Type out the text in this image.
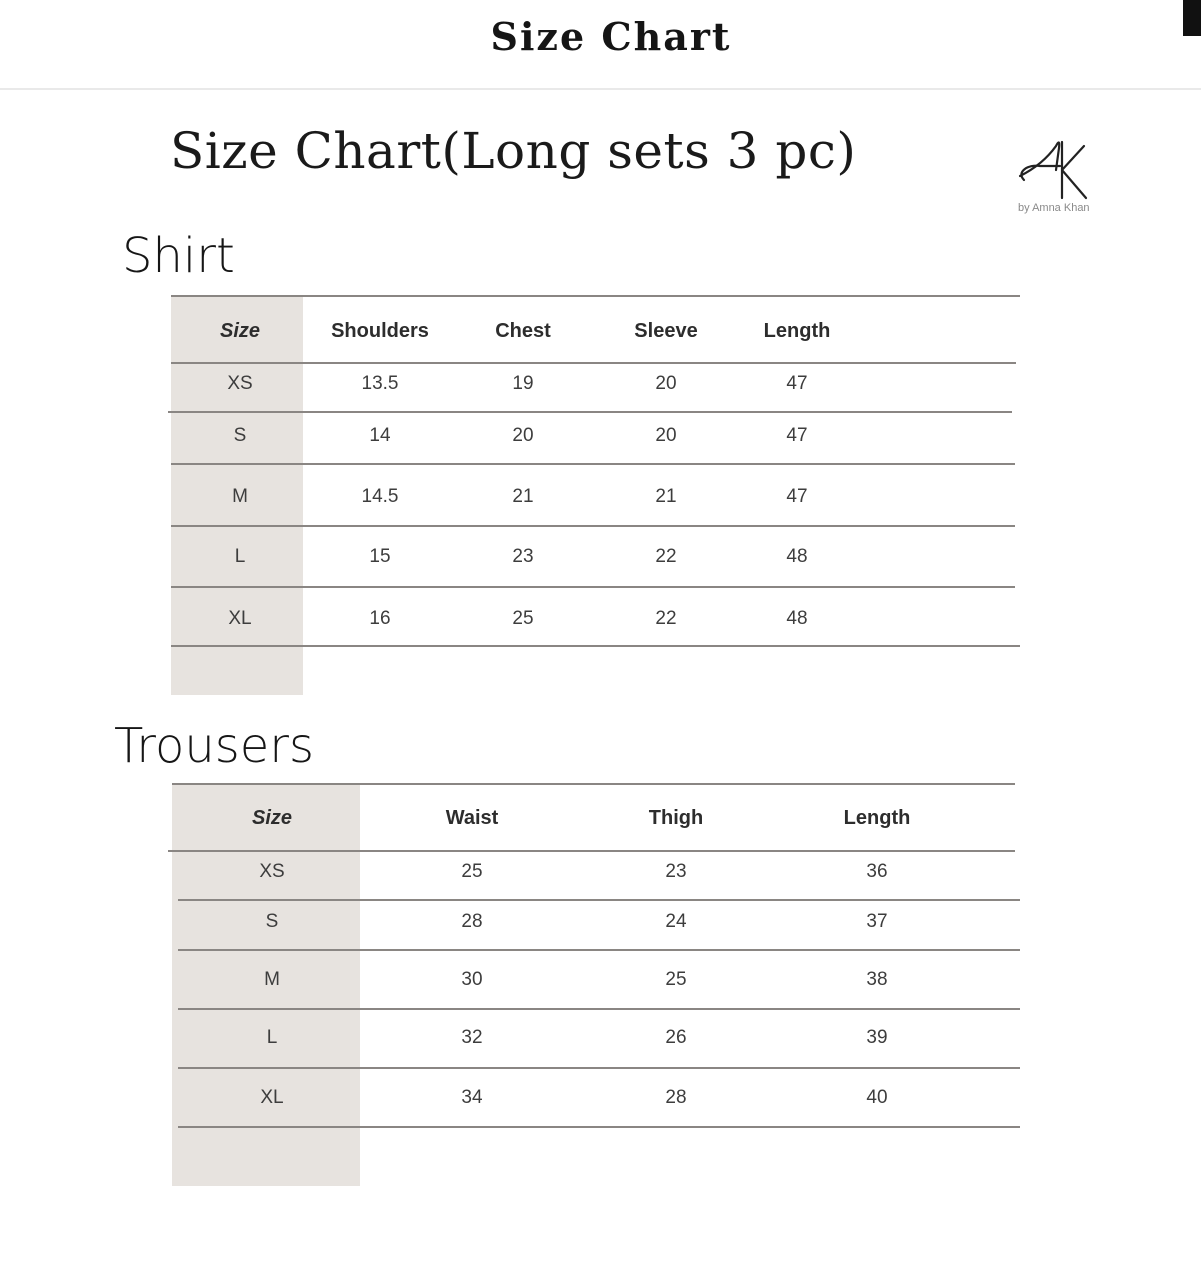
Size Chart
Size Chart(Long sets 3 pc)
by Amna Khan
Shirt
Size	Shoulders	Chest	Sleeve	Length
XS	13.5	19	20	47
S	14	20	20	47
M	14.5	21	21	47
L	15	23	22	48
XL	16	25	22	48
Trousers
Size	Waist	Thigh	Length
XS	25	23	36
S	28	24	37
M	30	25	38
L	32	26	39
XL	34	28	40
